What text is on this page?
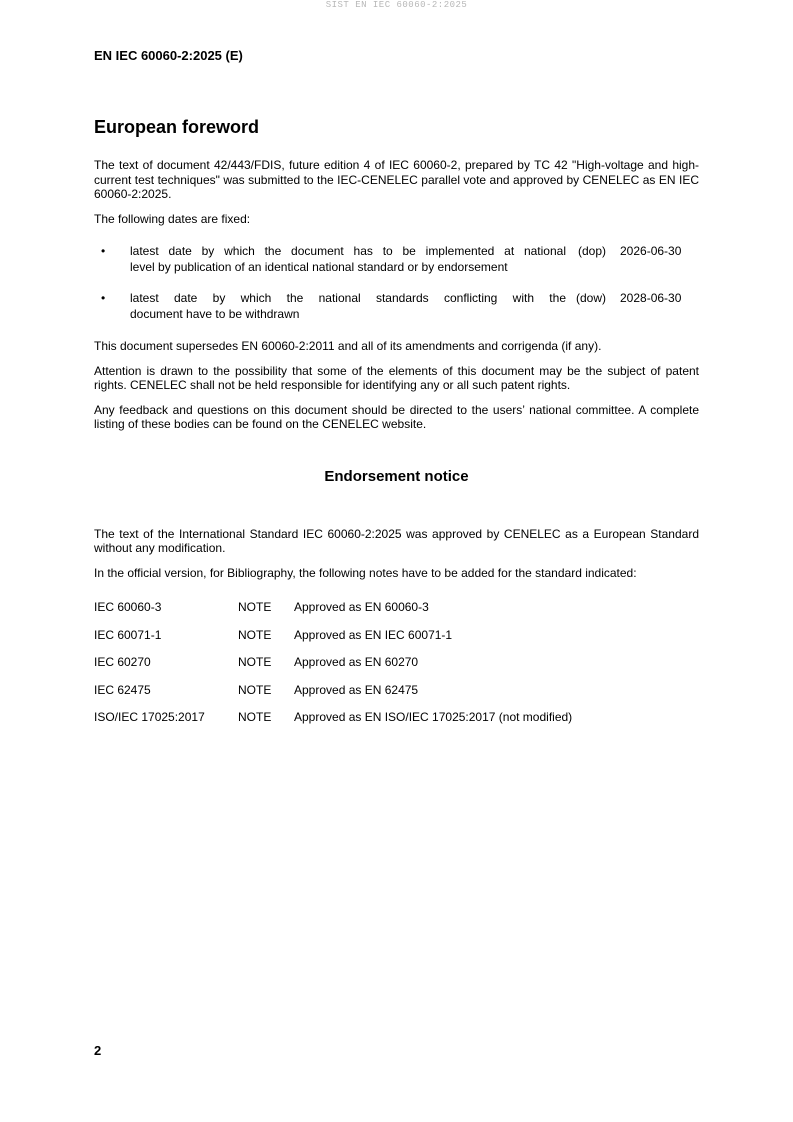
SIST EN IEC 60060-2:2025
EN IEC 60060-2:2025 (E)
European foreword

The text of document 42/443/FDIS, future edition 4 of IEC 60060-2, prepared by TC 42 "High-voltage and high-current test techniques" was submitted to the IEC-CENELEC parallel vote and approved by CENELEC as EN IEC 60060-2:2025.

The following dates are fixed:

•	latest date by which the document has to be implemented at national
level by publication of an identical national standard or by endorsement
(dop)	2026-06-30
•	latest date by which the national standards conflicting with the
document have to be withdrawn
(dow)	2028-06-30

This document supersedes EN 60060-2:2011 and all of its amendments and corrigenda (if any).

Attention is drawn to the possibility that some of the elements of this document may be the subject of patent rights. CENELEC shall not be held responsible for identifying any or all such patent rights.

Any feedback and questions on this document should be directed to the users’ national committee. A complete listing of these bodies can be found on the CENELEC website.

Endorsement notice

The text of the International Standard IEC 60060-2:2025 was approved by CENELEC as a European Standard without any modification.

In the official version, for Bibliography, the following notes have to be added for the standard indicated:

IEC 60060-3	NOTE	Approved as EN 60060-3
IEC 60071-1	NOTE	Approved as EN IEC 60071-1
IEC 60270	NOTE	Approved as EN 60270
IEC 62475	NOTE	Approved as EN 62475
ISO/IEC 17025:2017	NOTE	Approved as EN ISO/IEC 17025:2017 (not modified)
2
